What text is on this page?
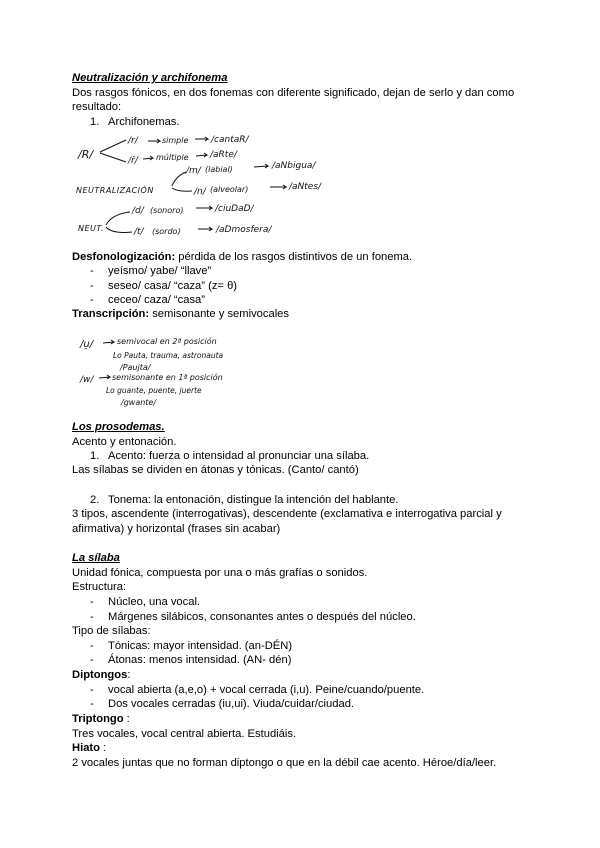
Neutralización y archifonema
Dos rasgos fónicos, en dos fonemas con diferente significado, dejan de serlo y dan como
resultado:
1. Archifonemas.
/R/
/r/	simple	/cantaR/
/r̄/ múltiple /aRte/
NEUTRALIZACIÓN
/m/ (labial)	/aNbigua/
/n/ (alveolar)	/aNtes/
NEUT.
/d/ (sonoro)	/ciuDaD/
/t/ (sordo)	/aDmosfera/
Desfonologización: pérdida de los rasgos distintivos de un fonema.
- yeísmo/ yabe/ “llave”
- seseo/ casa/ “caza” (z= θ)
- ceceo/ caza/ “casa”
Transcripción: semisonante y semivocales
/u̯/	semivocal en 2ª posición
Lo Pauta, trauma, astronauta
/Paujta/
/w/ semisonante en 1ª posición
Lo guante, puente, juerte
/gwante/
Los prosodemas.
Acento y entonación.
1. Acento: fuerza o intensidad al pronunciar una sílaba.
Las sílabas se dividen en átonas y tónicas. (Canto/ cantó)
2. Tonema: la entonación, distingue la intención del hablante.
3 tipos, ascendente (interrogativas), descendente (exclamativa e interrogativa parcial y
afirmativa) y horizontal (frases sin acabar)
La sílaba
Unidad fónica, compuesta por una o más grafías o sonidos.
Estructura:
- Núcleo, una vocal.
- Márgenes silábicos, consonantes antes o después del núcleo.
Tipo de sílabas:
- Tónicas: mayor intensidad. (an-DÉN)
- Átonas: menos intensidad. (AN- dén)
Diptongos:
- vocal abierta (a,e,o) + vocal cerrada (i,u). Peine/cuando/puente.
- Dos vocales cerradas (iu,ui). Viuda/cuidar/ciudad.
Triptongo :
Tres vocales, vocal central abierta. Estudiáis.
Hiato :
2 vocales juntas que no forman diptongo o que en la débil cae acento. Héroe/día/leer.
